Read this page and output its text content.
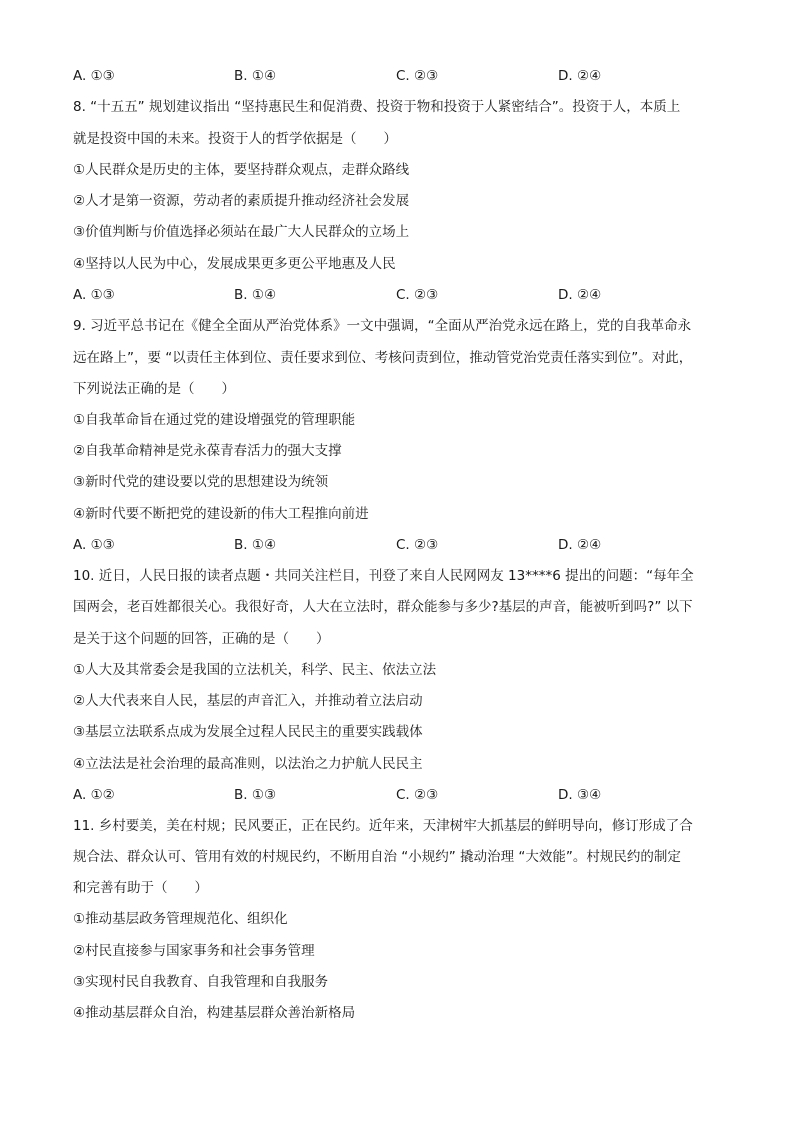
A. ①③	B. ①④	C. ②③	D. ②④
8. “十五五” 规划建议指出 “坚持惠民生和促消费、投资于物和投资于人紧密结合”。投资于人，本质上
就是投资中国的未来。投资于人的哲学依据是（　　）
①人民群众是历史的主体，要坚持群众观点，走群众路线
②人才是第一资源，劳动者的素质提升推动经济社会发展
③价值判断与价值选择必须站在最广大人民群众的立场上
④坚持以人民为中心，发展成果更多更公平地惠及人民
A. ①③	B. ①④	C. ②③	D. ②④
9. 习近平总书记在《健全全面从严治党体系》一文中强调，“全面从严治党永远在路上，党的自我革命永
远在路上”，要 “以责任主体到位、责任要求到位、考核问责到位，推动管党治党责任落实到位”。对此，
下列说法正确的是（　　）
①自我革命旨在通过党的建设增强党的管理职能
②自我革命精神是党永葆青春活力的强大支撑
③新时代党的建设要以党的思想建设为统领
④新时代要不断把党的建设新的伟大工程推向前进
A. ①③	B. ①④	C. ②③	D. ②④
10. 近日，人民日报的读者点题・共同关注栏目，刊登了来自人民网网友 13****6 提出的问题：“每年全
国两会，老百姓都很关心。我很好奇，人大在立法时，群众能参与多少?基层的声音，能被听到吗?” 以下
是关于这个问题的回答，正确的是（　　）
①人大及其常委会是我国的立法机关，科学、民主、依法立法
②人大代表来自人民，基层的声音汇入，并推动着立法启动
③基层立法联系点成为发展全过程人民民主的重要实践载体
④立法法是社会治理的最高准则，以法治之力护航人民民主
A. ①②	B. ①③	C. ②③	D. ③④
11. 乡村要美，美在村规；民风要正，正在民约。近年来，天津树牢大抓基层的鲜明导向，修订形成了合
规合法、群众认可、管用有效的村规民约，不断用自治 “小规约” 撬动治理 “大效能”。村规民约的制定
和完善有助于（　　）
①推动基层政务管理规范化、组织化
②村民直接参与国家事务和社会事务管理
③实现村民自我教育、自我管理和自我服务
④推动基层群众自治，构建基层群众善治新格局
